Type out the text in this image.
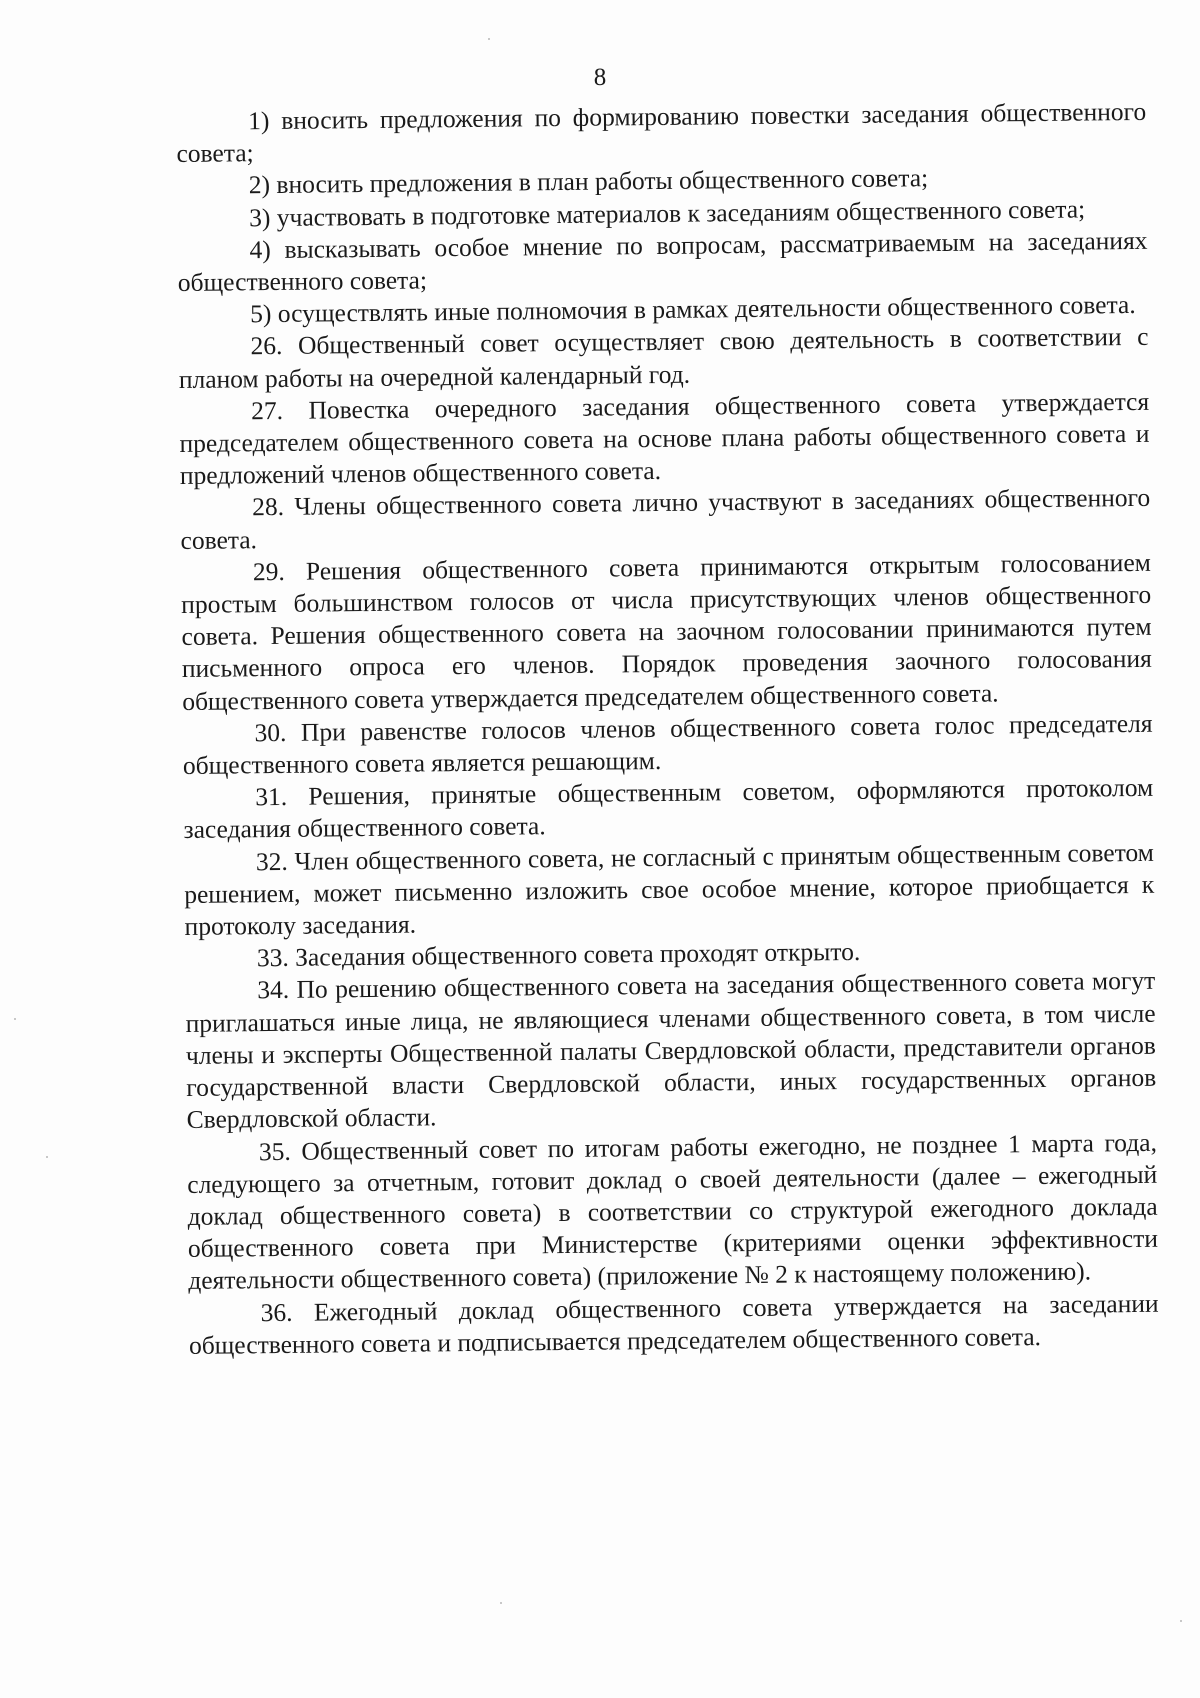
8

1) вносить предложения по формированию повестки заседания общественного совета;

2) вносить предложения в план работы общественного совета;

3) участвовать в подготовке материалов к заседаниям общественного совета;

4) высказывать особое мнение по вопросам, рассматриваемым на заседаниях общественного совета;

5) осуществлять иные полномочия в рамках деятельности общественного совета.

26. Общественный совет осуществляет свою деятельность в соответствии с планом работы на очередной календарный год.

27. Повестка очередного заседания общественного совета утверждается председателем общественного совета на основе плана работы общественного совета и предложений членов общественного совета.

28. Члены общественного совета лично участвуют в заседаниях общественного совета.

29. Решения общественного совета принимаются открытым голосованием простым большинством голосов от числа присутствующих членов общественного совета. Решения общественного совета на заочном голосовании принимаются путем письменного опроса его членов. Порядок проведения заочного голосования общественного совета утверждается председателем общественного совета.

30. При равенстве голосов членов общественного совета голос председателя общественного совета является решающим.

31. Решения, принятые общественным советом, оформляются протоколом заседания общественного совета.

32. Член общественного совета, не согласный с принятым общественным советом решением, может письменно изложить свое особое мнение, которое приобщается к протоколу заседания.

33. Заседания общественного совета проходят открыто.

34. По решению общественного совета на заседания общественного совета могут приглашаться иные лица, не являющиеся членами общественного совета, в том числе члены и эксперты Общественной палаты Свердловской области, представители органов государственной власти Свердловской области, иных государственных органов Свердловской области.

35. Общественный совет по итогам работы ежегодно, не позднее 1 марта года, следующего за отчетным, готовит доклад о своей деятельности (далее – ежегодный доклад общественного совета) в соответствии со структурой ежегодного доклада общественного совета при Министерстве (критериями оценки эффективности деятельности общественного совета) (приложение № 2 к настоящему положению).

36. Ежегодный доклад общественного совета утверждается на заседании общественного совета и подписывается председателем общественного совета.
